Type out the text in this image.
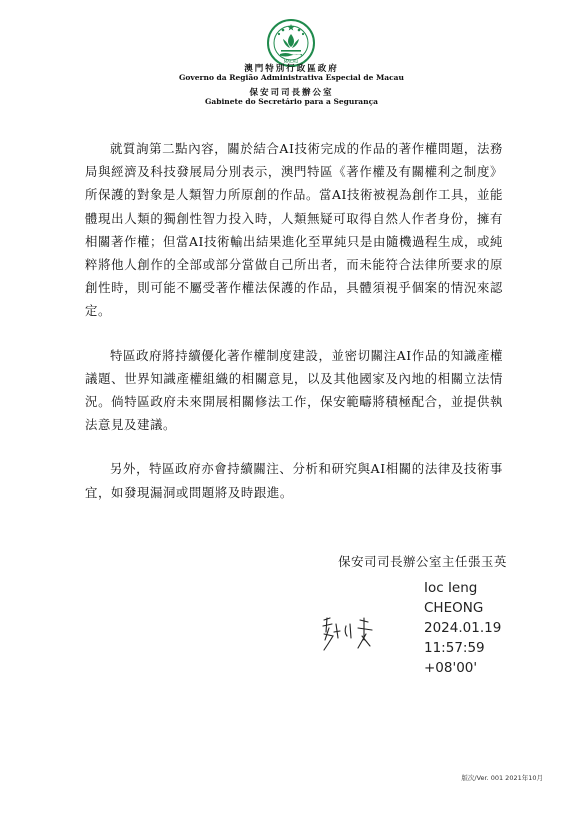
MACAU
澳門特別行政區政府
Governo da Região Administrativa Especial de Macau
保安司司長辦公室
Gabinete do Secretário para a Segurança

就質詢第二點內容，關於結合AI技術完成的作品的著作權問題，法務局與經濟及科技發展局分別表示，澳門特區《著作權及有關權利之制度》所保護的對象是人類智力所原創的作品。當AI技術被視為創作工具，並能體現出人類的獨創性智力投入時，人類無疑可取得自然人作者身份，擁有相關著作權；但當AI技術輸出結果進化至單純只是由隨機過程生成，或純粹將他人創作的全部或部分當做自己所出者，而未能符合法律所要求的原創性時，則可能不屬受著作權法保護的作品，具體須視乎個案的情況來認定。

特區政府將持續優化著作權制度建設，並密切關注AI作品的知識產權議題、世界知識產權組織的相關意見，以及其他國家及內地的相關立法情況。倘特區政府未來開展相關修法工作，保安範疇將積極配合，並提供執法意見及建議。

另外，特區政府亦會持續關注、分析和研究與AI相關的法律及技術事宜，如發現漏洞或問題將及時跟進。

保安司司長辦公室主任張玉英
Ioc Ieng
CHEONG
2024.01.19
11:57:59
+08'00'
版次/Ver. 001 2021年10月
